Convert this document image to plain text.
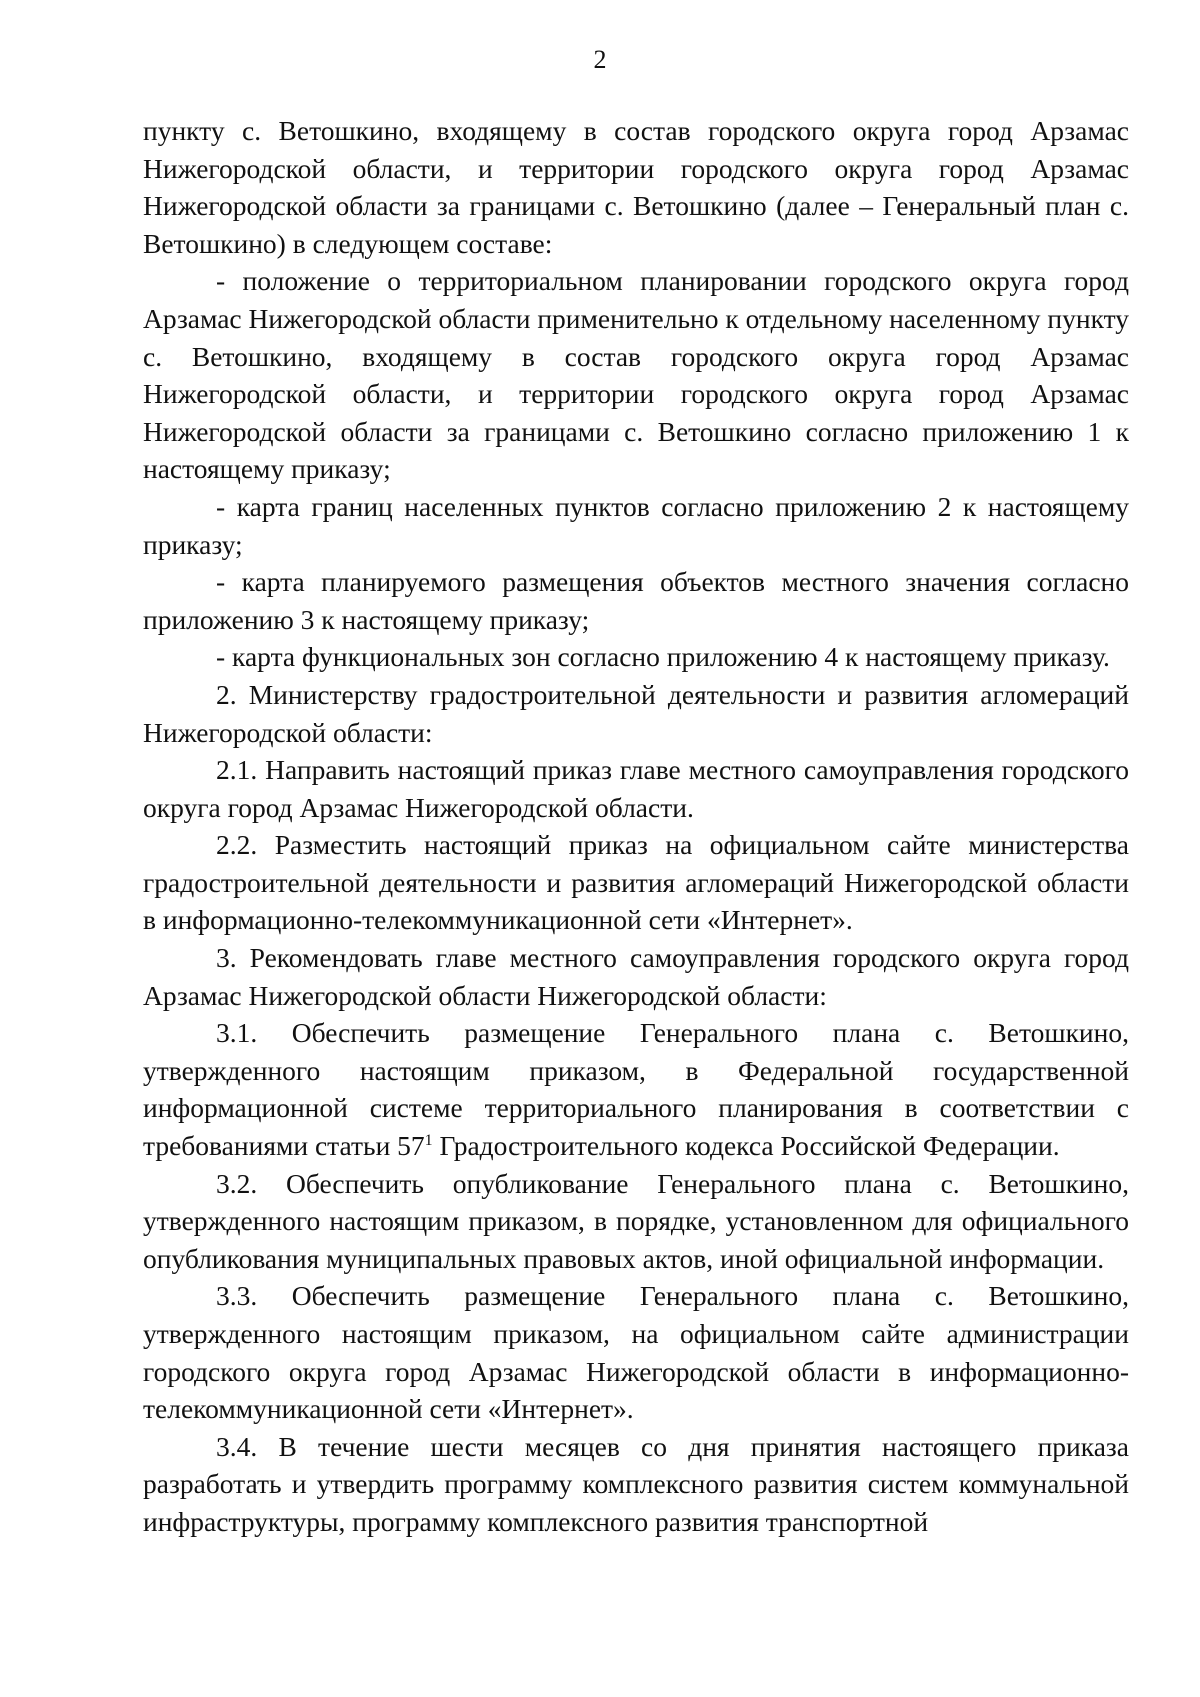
2

пункту с. Ветошкино, входящему в состав городского округа город Арзамас Нижегородской области, и территории городского округа город Арзамас Нижегородской области за границами с. Ветошкино (далее – Генеральный план с. Ветошкино) в следующем составе:

- положение о территориальном планировании городского округа город Арзамас Нижегородской области применительно к отдельному населенному пункту с. Ветошкино, входящему в состав городского округа город Арзамас Нижегородской области, и территории городского округа город Арзамас Нижегородской области за границами с. Ветошкино согласно приложению 1 к настоящему приказу;

- карта границ населенных пунктов согласно приложению 2 к настоящему приказу;

- карта планируемого размещения объектов местного значения согласно приложению 3 к настоящему приказу;

- карта функциональных зон согласно приложению 4 к настоящему приказу.

2. Министерству градостроительной деятельности и развития агломераций Нижегородской области:

2.1. Направить настоящий приказ главе местного самоуправления городского округа город Арзамас Нижегородской области.

2.2. Разместить настоящий приказ на официальном сайте министерства градостроительной деятельности и развития агломераций Нижегородской области в информационно-телекоммуникационной сети «Интернет».

3. Рекомендовать главе местного самоуправления городского округа город Арзамас Нижегородской области Нижегородской области:

3.1. Обеспечить размещение Генерального плана с. Ветошкино, утвержденного настоящим приказом, в Федеральной государственной информационной системе территориального планирования в соответствии с требованиями статьи $57^1$ Градостроительного кодекса Российской Федерации.

3.2. Обеспечить опубликование Генерального плана с. Ветошкино, утвержденного настоящим приказом, в порядке, установленном для официального опубликования муниципальных правовых актов, иной официальной информации.

3.3. Обеспечить размещение Генерального плана с. Ветошкино, утвержденного настоящим приказом, на официальном сайте администрации городского округа город Арзамас Нижегородской области в информационно-телекоммуникационной сети «Интернет».

3.4. В течение шести месяцев со дня принятия настоящего приказа разработать и утвердить программу комплексного развития систем коммунальной инфраструктуры, программу комплексного развития транспортной
